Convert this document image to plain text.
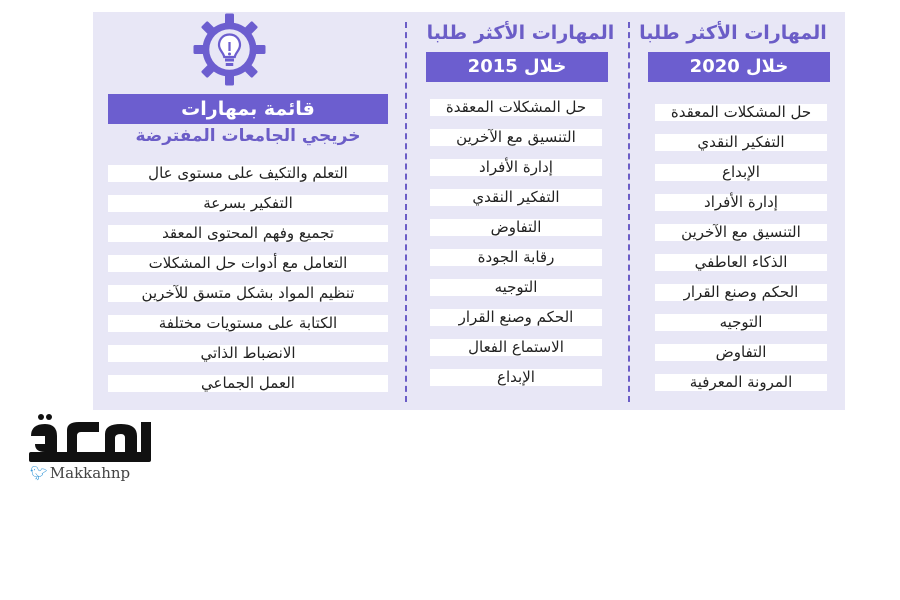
المهارات الأكثر طلبا
خلال 2020
حل المشكلات المعقدة
التفكير النقدي
الإبداع
إدارة الأفراد
التنسيق مع الآخرين
الذكاء العاطفي
الحكم وصنع القرار
التوجيه
التفاوض
المرونة المعرفية
المهارات الأكثر طلبا
خلال 2015
حل المشكلات المعقدة
التنسيق مع الآخرين
إدارة الأفراد
التفكير النقدي
التفاوض
رقابة الجودة
التوجيه
الحكم وصنع القرار
الاستماع الفعال
الإبداع
قائمة بمهارات
خريجي الجامعات المفترضة
التعلم والتكيف على مستوى عال
التفكير بسرعة
تجميع وفهم المحتوى المعقد
التعامل مع أدوات حل المشكلات
تنظيم المواد بشكل متسق للآخرين
الكتابة على مستويات مختلفة
الانضباط الذاتي
العمل الجماعي
🐦︎ Makkahnp
